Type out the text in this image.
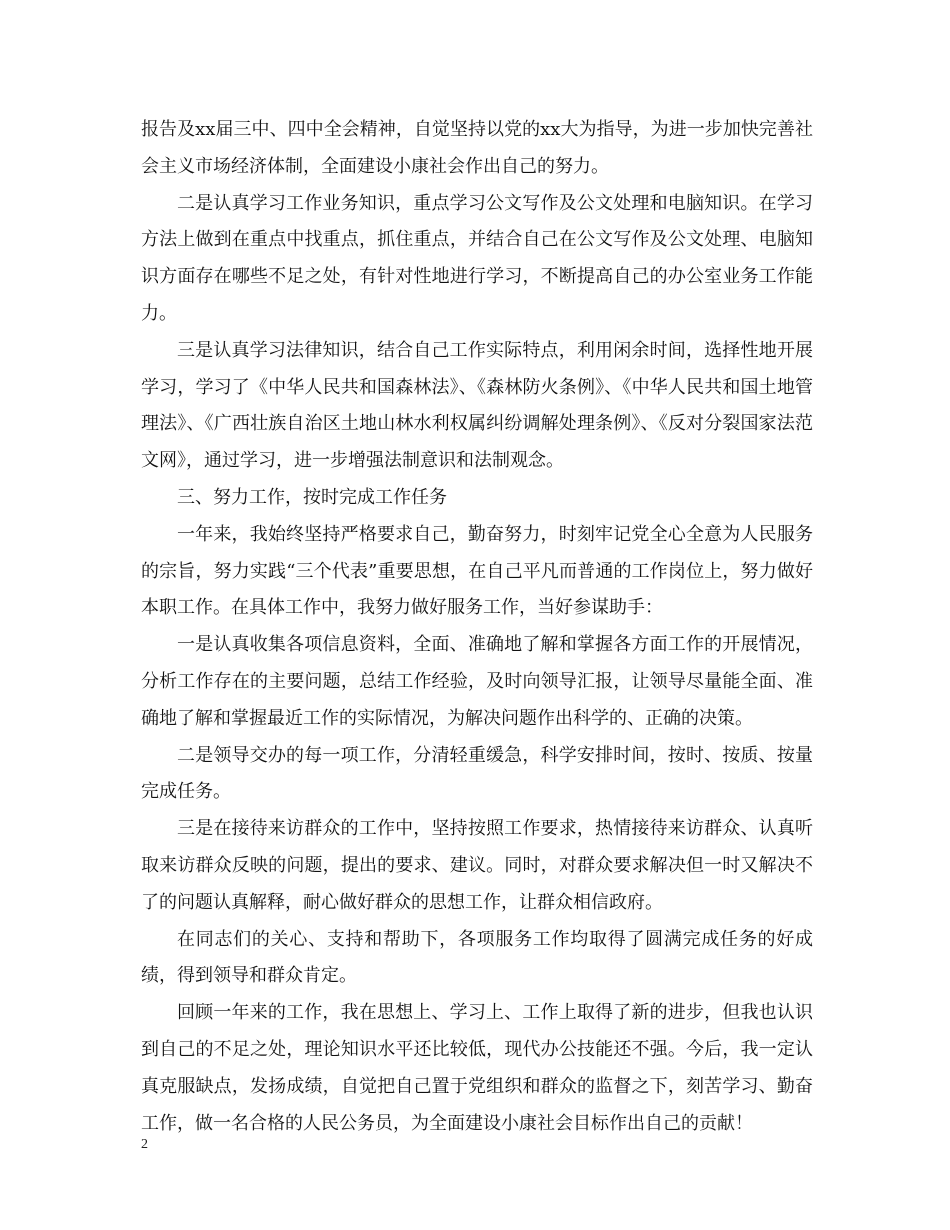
报告及xx届三中、四中全会精神，自觉坚持以党的xx大为指导，为进一步加快完善社会主义市场经济体制，全面建设小康社会作出自己的努力。

二是认真学习工作业务知识，重点学习公文写作及公文处理和电脑知识。在学习方法上做到在重点中找重点，抓住重点，并结合自己在公文写作及公文处理、电脑知识方面存在哪些不足之处，有针对性地进行学习，不断提高自己的办公室业务工作能力。

三是认真学习法律知识，结合自己工作实际特点，利用闲余时间，选择性地开展学习，学习了《中华人民共和国森林法》、《森林防火条例》、《中华人民共和国土地管理法》、《广西壮族自治区土地山林水利权属纠纷调解处理条例》、《反对分裂国家法范文网》，通过学习，进一步增强法制意识和法制观念。

三、努力工作，按时完成工作任务

一年来，我始终坚持严格要求自己，勤奋努力，时刻牢记党全心全意为人民服务的宗旨，努力实践“三个代表”重要思想，在自己平凡而普通的工作岗位上，努力做好本职工作。在具体工作中，我努力做好服务工作，当好参谋助手：

一是认真收集各项信息资料，全面、准确地了解和掌握各方面工作的开展情况，分析工作存在的主要问题，总结工作经验，及时向领导汇报，让领导尽量能全面、准确地了解和掌握最近工作的实际情况，为解决问题作出科学的、正确的决策。

二是领导交办的每一项工作，分清轻重缓急，科学安排时间，按时、按质、按量完成任务。

三是在接待来访群众的工作中，坚持按照工作要求，热情接待来访群众、认真听取来访群众反映的问题，提出的要求、建议。同时，对群众要求解决但一时又解决不了的问题认真解释，耐心做好群众的思想工作，让群众相信政府。

在同志们的关心、支持和帮助下，各项服务工作均取得了圆满完成任务的好成绩，得到领导和群众肯定。

回顾一年来的工作，我在思想上、学习上、工作上取得了新的进步，但我也认识到自己的不足之处，理论知识水平还比较低，现代办公技能还不强。今后，我一定认真克服缺点，发扬成绩，自觉把自己置于党组织和群众的监督之下，刻苦学习、勤奋工作，做一名合格的人民公务员，为全面建设小康社会目标作出自己的贡献！

2
